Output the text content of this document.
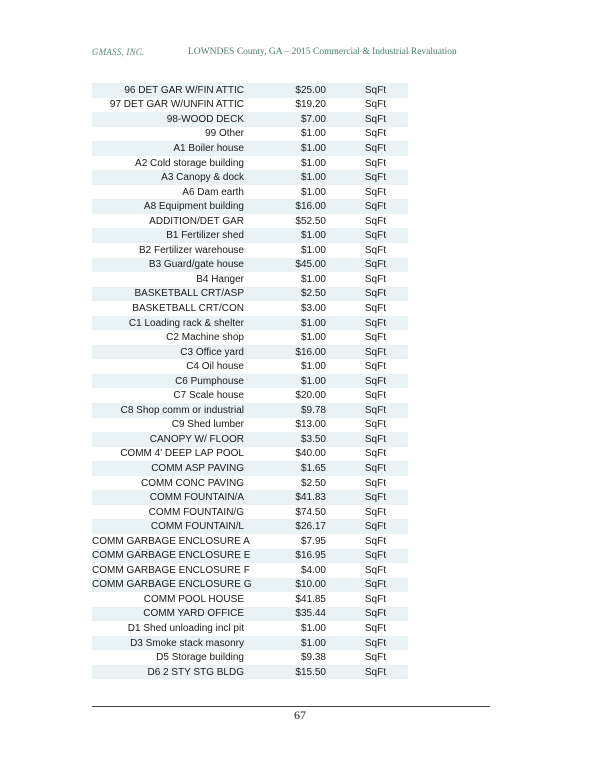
GMASS, INC.	LOWNDES County, GA – 2015 Commercial & Industrial Revaluation
96 DET GAR W/FIN ATTIC	$25.00	SqFt
97 DET GAR W/UNFIN ATTIC	$19.20	SqFt
98-WOOD DECK	$7.00	SqFt
99 Other	$1.00	SqFt
A1 Boiler house	$1.00	SqFt
A2 Cold storage building	$1.00	SqFt
A3 Canopy & dock	$1.00	SqFt
A6 Dam earth	$1.00	SqFt
A8 Equipment building	$16.00	SqFt
ADDITION/DET GAR	$52.50	SqFt
B1 Fertilizer shed	$1.00	SqFt
B2 Fertilizer warehouse	$1.00	SqFt
B3 Guard/gate house	$45.00	SqFt
B4 Hanger	$1.00	SqFt
BASKETBALL CRT/ASP	$2.50	SqFt
BASKETBALL CRT/CON	$3.00	SqFt
C1 Loading rack & shelter	$1.00	SqFt
C2 Machine shop	$1.00	SqFt
C3 Office yard	$16.00	SqFt
C4 Oil house	$1.00	SqFt
C6 Pumphouse	$1.00	SqFt
C7 Scale house	$20.00	SqFt
C8 Shop comm or industrial	$9.78	SqFt
C9 Shed lumber	$13.00	SqFt
CANOPY W/ FLOOR	$3.50	SqFt
COMM 4' DEEP LAP POOL	$40.00	SqFt
COMM ASP PAVING	$1.65	SqFt
COMM CONC PAVING	$2.50	SqFt
COMM FOUNTAIN/A	$41.83	SqFt
COMM FOUNTAIN/G	$74.50	SqFt
COMM FOUNTAIN/L	$26.17	SqFt
COMM GARBAGE ENCLOSURE A	$7.95	SqFt
COMM GARBAGE ENCLOSURE E	$16.95	SqFt
COMM GARBAGE ENCLOSURE F	$4.00	SqFt
COMM GARBAGE ENCLOSURE G	$10.00	SqFt
COMM POOL HOUSE	$41.85	SqFt
COMM YARD OFFICE	$35.44	SqFt
D1 Shed unloading incl pit	$1.00	SqFt
D3 Smoke stack masonry	$1.00	SqFt
D5 Storage building	$9.38	SqFt
D6 2 STY STG BLDG	$15.50	SqFt
67
